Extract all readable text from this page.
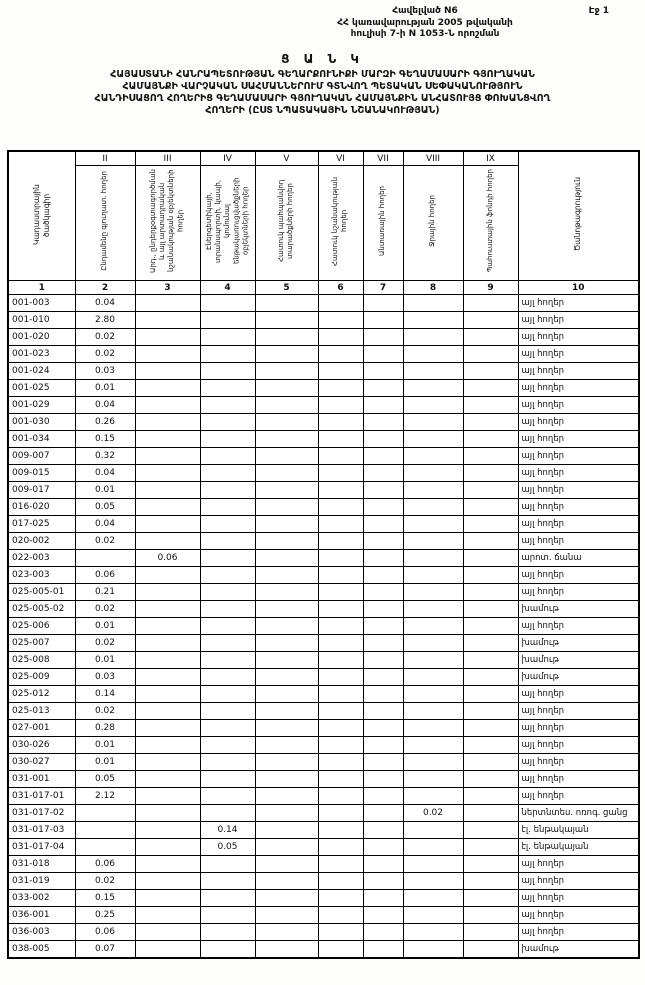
Էջ 1
Հավելված N6
ՀՀ կառավարության 2005 թվականի
հուլիսի 7-ի N 1053-Ն որոշման
Ց Ա Ն Կ
ՀԱՅԱՍՏԱՆԻ ՀԱՆՐԱՊԵՏՈՒԹՅԱՆ ԳԵՂԱՐՔՈՒՆԻՔԻ ՄԱՐԶԻ ԳԵՂԱՄԱՍԱՐԻ ԳՅՈՒՂԱԿԱՆ
ՀԱՄԱՅՆՔԻ ՎԱՐՉԱԿԱՆ ՍԱՀՄԱՆՆԵՐՈՒՄ ԳՏՆՎՈՂ ՊԵՏԱԿԱՆ ՍԵՓԱԿԱՆՈՒԹՅՈՒՆ
ՀԱՆԴԻՍԱՑՈՂ ՀՈՂԵՐԻՑ ԳԵՂԱՄԱՍԱՐԻ ԳՅՈՒՂԱԿԱՆ ՀԱՄԱՅՆՔԻՆ ԱՆՀԱՏՈՒՅՑ ՓՈԽԱՆՑՎՈՂ
ՀՈՂԵՐԻ (ԸՍՏ ՆՊԱՏԱԿԱՅԻՆ ՆՇԱՆԱԿՈՒԹՅԱՆ)
Կադաստրային ծածկագիր	II	III	IV	V	VI	VII	VIII	IX	Ծանոթագրություն
	Ընդամենը գյուղատ. հողեր	Արդ., ընդերքօգտագործման և այլ արտադրական նշանակության օբյեկտների հողեր	Էներգետիկայի, տրանսպորտի, կապի, կոմունալ ենթակառուցվածքների օբյեկտների հողեր	Հատուկ պահպանվող տարածքների հողեր	Հատուկ նշանակության հողեր	Անտառային հողեր	Ջրային հողեր	Պահուստային ֆոնդի հողեր	
1	2	3	4	5	6	7	8	9	10
001-003	0.04								այլ հողեր
001-010	2.80								այլ հողեր
001-020	0.02								այլ հողեր
001-023	0.02								այլ հողեր
001-024	0.03								այլ հողեր
001-025	0.01								այլ հողեր
001-029	0.04								այլ հողեր
001-030	0.26								այլ հողեր
001-034	0.15								այլ հողեր
009-007	0.32								այլ հողեր
009-015	0.04								այլ հողեր
009-017	0.01								այլ հողեր
016-020	0.05								այլ հողեր
017-025	0.04								այլ հողեր
020-002	0.02								այլ հողեր
022-003		0.06							արոտ. ճանա
023-003	0.06								այլ հողեր
025-005-01	0.21								այլ հողեր
025-005-02	0.02								խամութ
025-006	0.01								այլ հողեր
025-007	0.02								խամութ
025-008	0.01								խամութ
025-009	0.03								խամութ
025-012	0.14								այլ հողեր
025-013	0.02								այլ հողեր
027-001	0.28								այլ հողեր
030-026	0.01								այլ հողեր
030-027	0.01								այլ հողեր
031-001	0.05								այլ հողեր
031-017-01	2.12								այլ հողեր
031-017-02							0.02		ներտնտես. ոռոգ. ցանց
031-017-03			0.14						էլ. ենթակայան
031-017-04			0.05						էլ. ենթակայան
031-018	0.06								այլ հողեր
031-019	0.02								այլ հողեր
033-002	0.15								այլ հողեր
036-001	0.25								այլ հողեր
036-003	0.06								այլ հողեր
038-005	0.07								խամութ
